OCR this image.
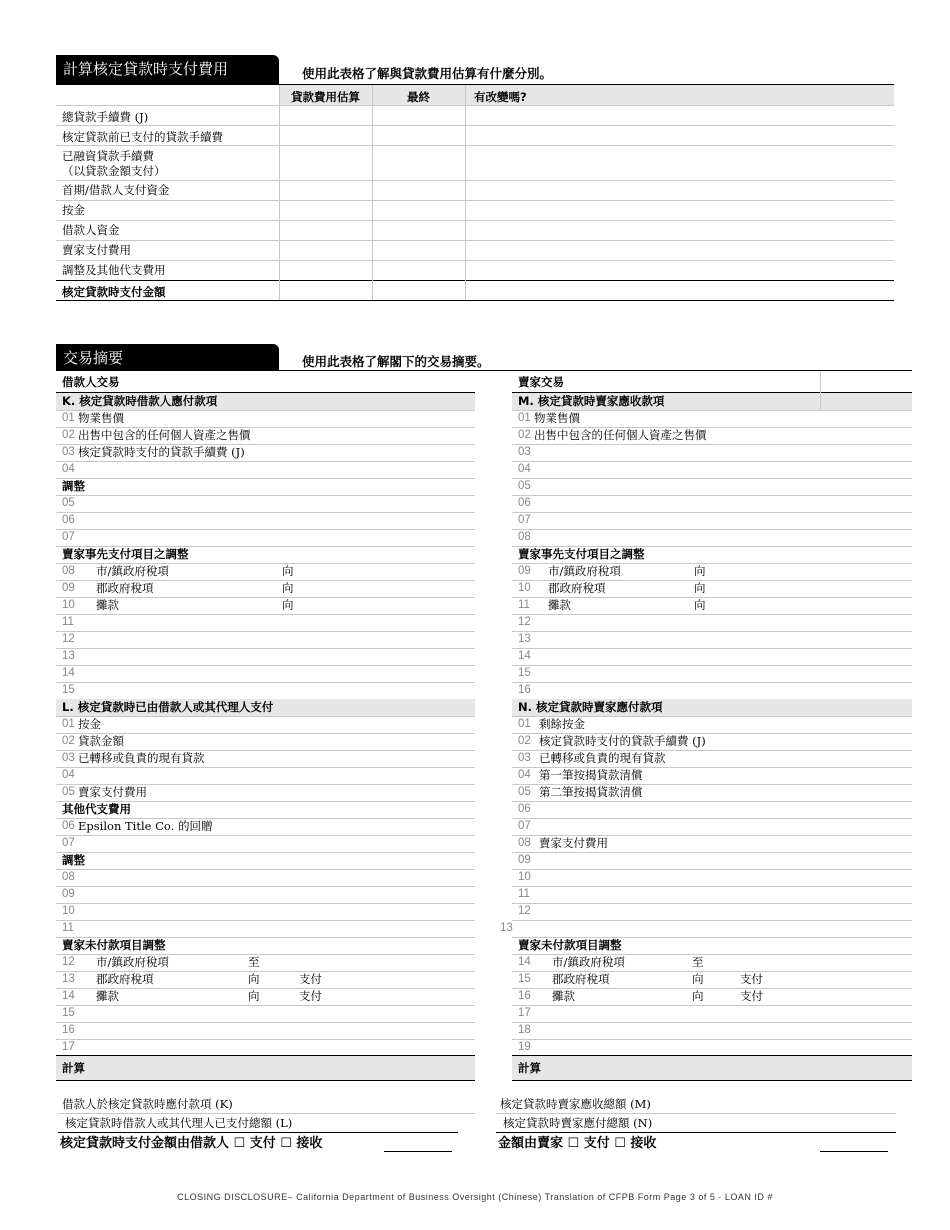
計算核定貸款時支付費用	使用此表格了解與貸款費用估算有什麼分別。
貸款費用估算	最終	有改變嗎?
總貸款手續費 (J)
核定貸款前已支付的貸款手續費
已融資貸款手續費
（以貸款金額支付）
首期/借款人支付資金
按金
借款人資金
賣家支付費用
調整及其他代支費用
核定貸款時支付金額
交易摘要	使用此表格了解閣下的交易摘要。
借款人交易	賣家交易
K. 核定貸款時借款人應付款項
01 物業售價
02 出售中包含的任何個人資產之售價
03 核定貸款時支付的貸款手續費 (J)
04
調整
05
06
07
賣家事先支付項目之調整
08 市/鎮政府稅項	向
09 郡政府稅項	向
10 攤款	向
11
12
13
14
15
L. 核定貸款時已由借款人或其代理人支付
01 按金
02 貸款金額
03 已轉移或負責的現有貸款
04
05 賣家支付費用
其他代支費用
06 Epsilon Title Co. 的回贈
07
調整
08
09
10
11
賣家未付款項目調整
12 市/鎮政府稅項	至
13 郡政府稅項	向	支付
14 攤款	向	支付
15
16
17
計算
借款人於核定貸款時應付款項 (K)
核定貸款時借款人或其代理人已支付總額 (L)
核定貸款時支付金額由借款人 ☐ 支付 ☐ 接收
M. 核定貸款時賣家應收款項
01 物業售價
02 出售中包含的任何個人資產之售價
03
04
05
06
07
08
賣家事先支付項目之調整
09 市/鎮政府稅項	向
10 郡政府稅項	向
11 攤款	向
12
13
14
15
16
N. 核定貸款時賣家應付款項
01 剩餘按金
02 核定貸款時支付的貸款手續費 (J)
03 已轉移或負責的現有貸款
04 第一筆按揭貸款清償
05 第二筆按揭貸款清償
06
07
08 賣家支付費用
09
10
11
12
13
賣家未付款項目調整
14 市/鎮政府稅項	至
15 郡政府稅項	向	支付
16 攤款	向	支付
17
18
19
計算
核定貸款時賣家應收總額 (M)
核定貸款時賣家應付總額 (N)
金額由賣家 ☐ 支付 ☐ 接收
CLOSING DISCLOSURE– California Department of Business Oversight (Chinese) Translation of CFPB Form Page 3 of 5 · LOAN ID #
